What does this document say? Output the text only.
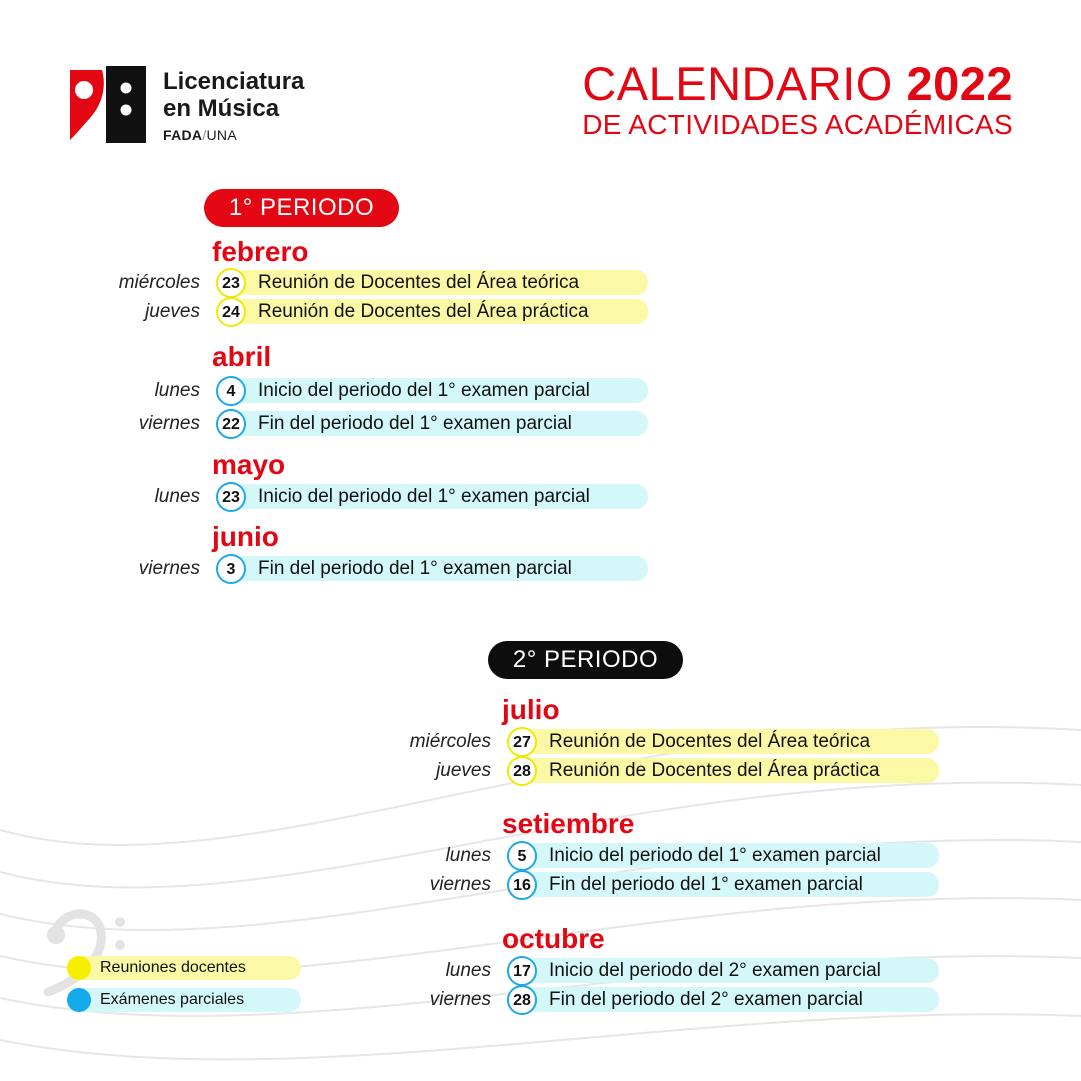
Licenciatura
en Música
FADA/UNA
CALENDARIO 2022
DE ACTIVIDADES ACADÉMICAS
1° PERIODO
febrero
miércoles	23 Reunión de Docentes del Área teórica
jueves	24 Reunión de Docentes del Área práctica
abril
lunes	4	Inicio del periodo del 1° examen parcial
viernes	22 Fin del periodo del 1° examen parcial
mayo
lunes	23 Inicio del periodo del 1° examen parcial
junio
viernes	3	Fin del periodo del 1° examen parcial
2° PERIODO
julio
miércoles	27 Reunión de Docentes del Área teórica
jueves	28 Reunión de Docentes del Área práctica
setiembre
lunes	5	Inicio del periodo del 1° examen parcial
viernes	16 Fin del periodo del 1° examen parcial
octubre
lunes	17 Inicio del periodo del 2° examen parcial
viernes	28 Fin del periodo del 2° examen parcial
Reuniones docentes
Exámenes parciales
